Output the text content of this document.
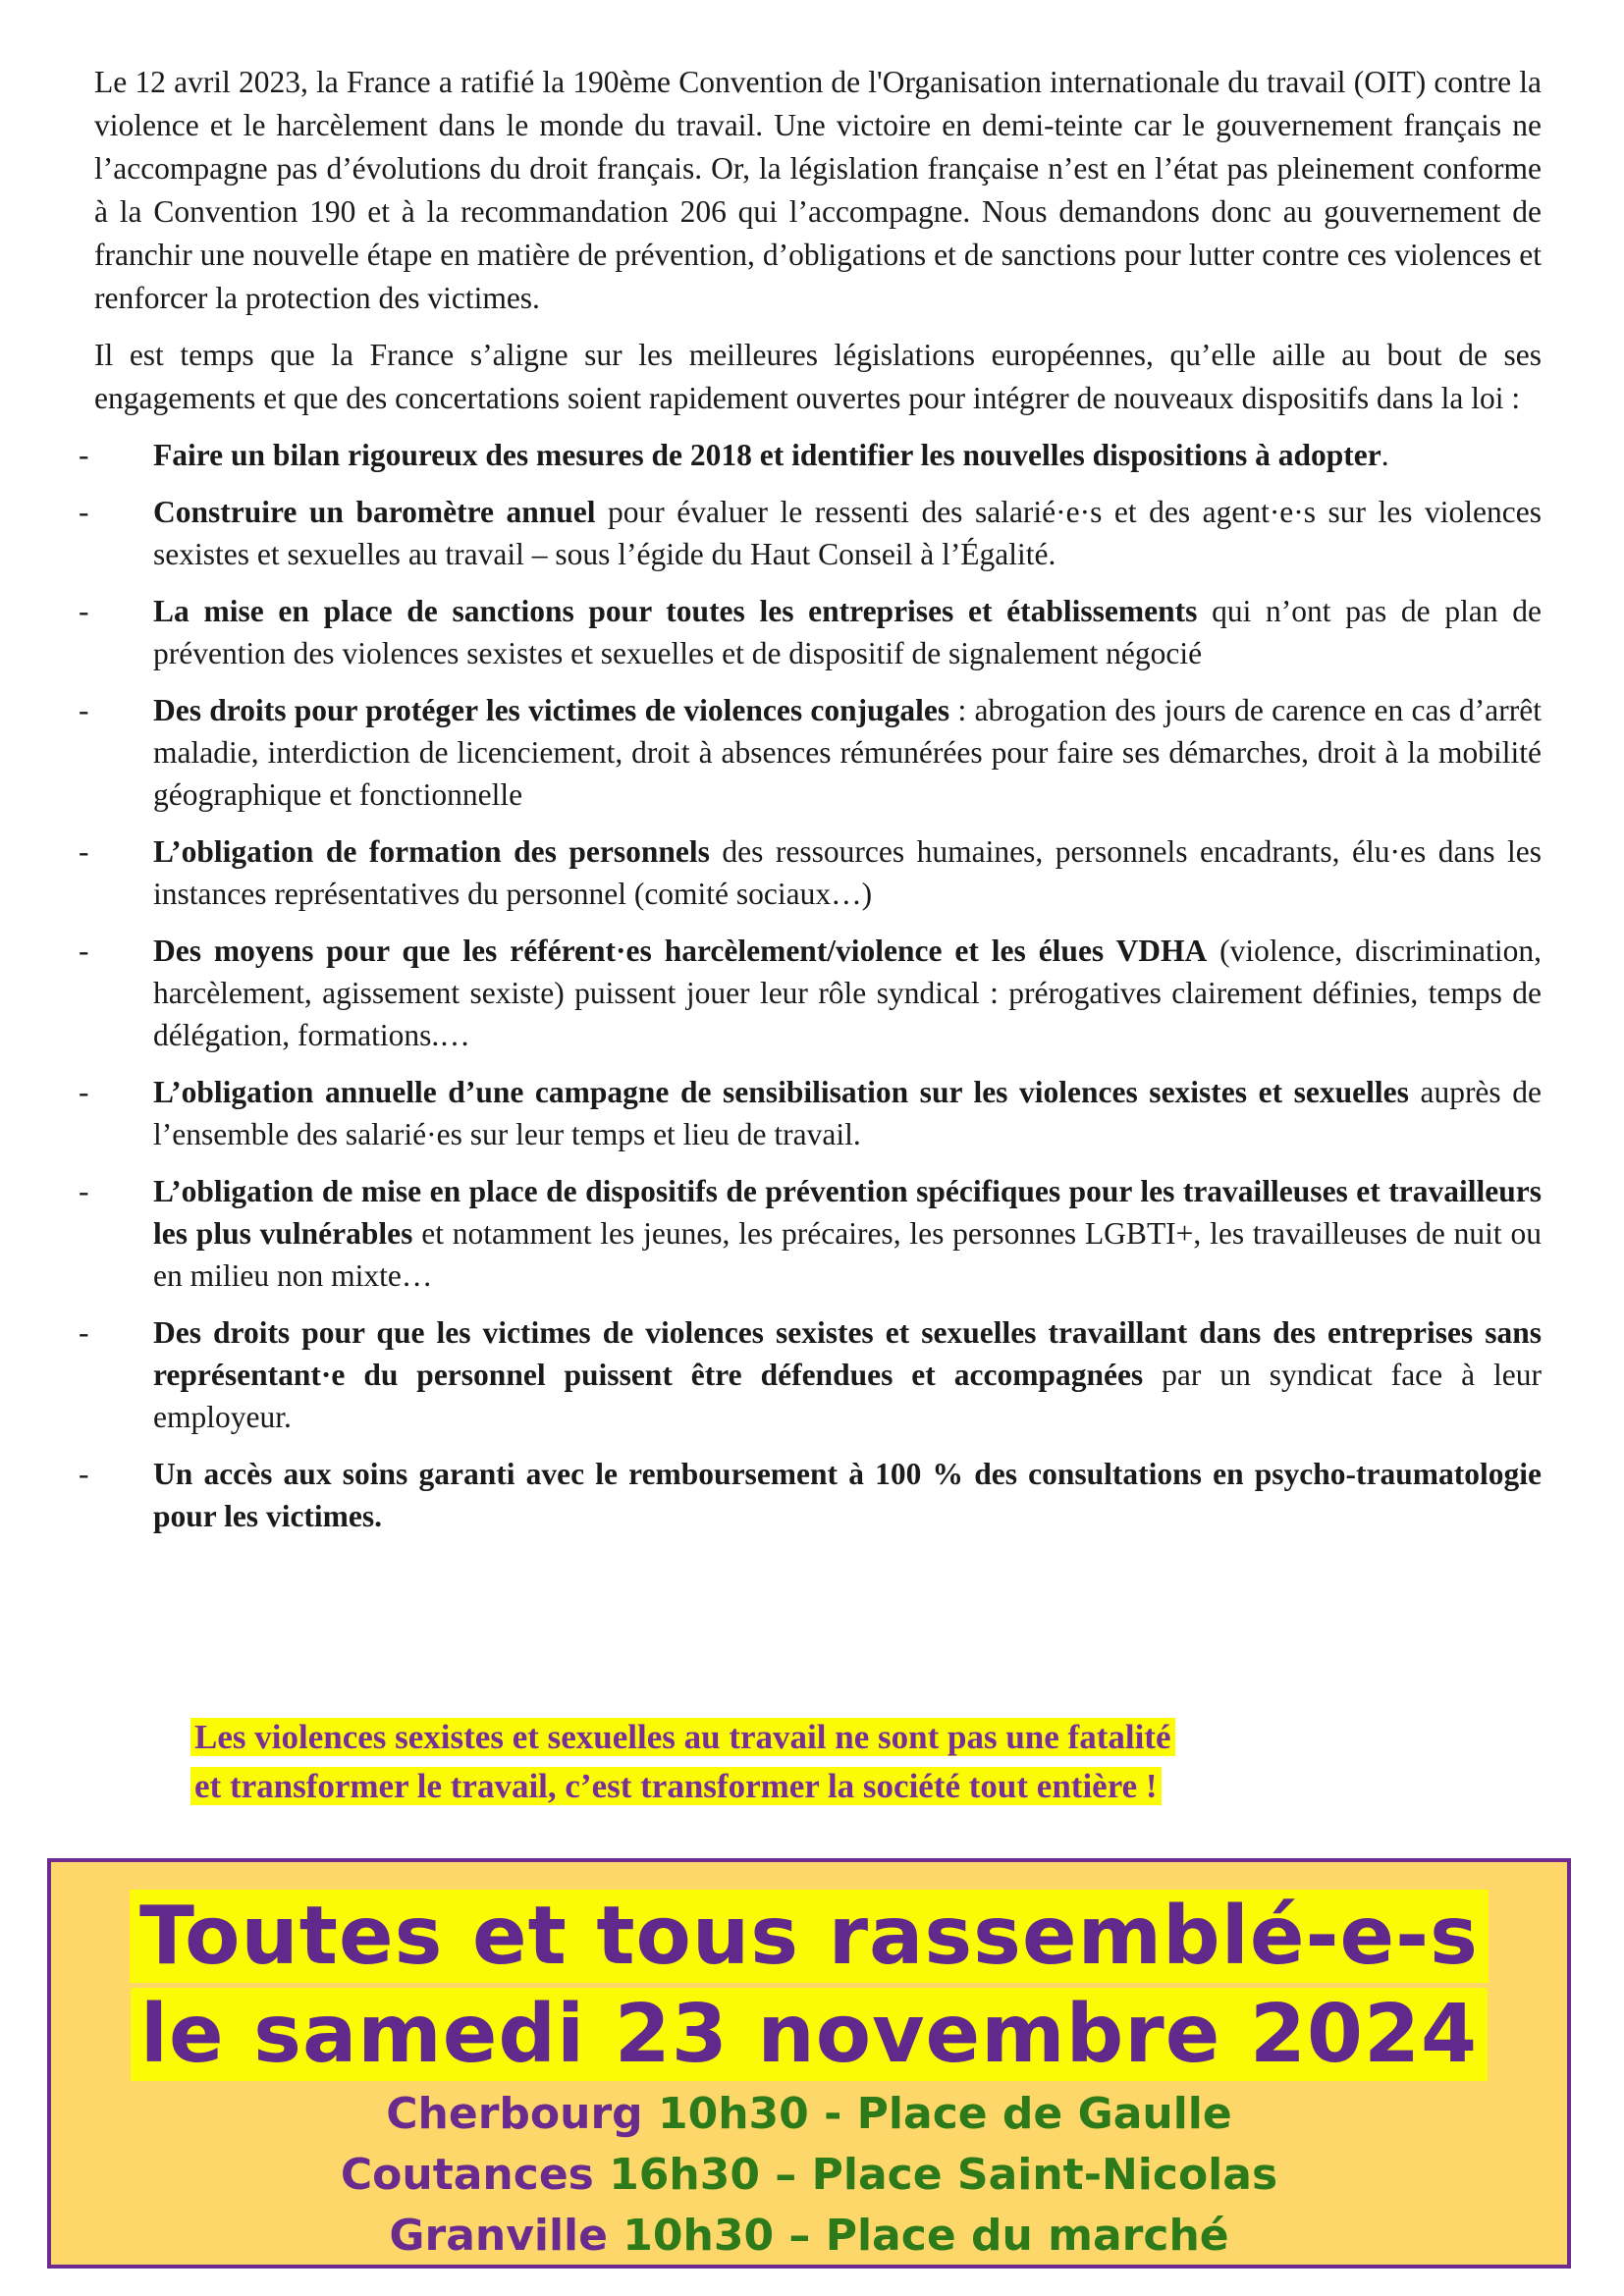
Le 12 avril 2023, la France a ratifié la 190ème Convention de l'Organisation internationale du travail (OIT) contre la violence et le harcèlement dans le monde du travail. Une victoire en demi-teinte car le gouvernement français ne l’accompagne pas d’évolutions du droit français. Or, la législation française n’est en l’état pas pleinement conforme à la Convention 190 et à la recommandation 206 qui l’accompagne. Nous demandons donc au gouvernement de franchir une nouvelle étape en matière de prévention, d’obligations et de sanctions pour lutter contre ces violences et renforcer la protection des victimes.

Il est temps que la France s’aligne sur les meilleures législations européennes, qu’elle aille au bout de ses engagements et que des concertations soient rapidement ouvertes pour intégrer de nouveaux dispositifs dans la loi :

- Faire un bilan rigoureux des mesures de 2018 et identifier les nouvelles dispositions à adopter.
- Construire un baromètre annuel pour évaluer le ressenti des salarié·e·s et des agent·e·s sur les violences sexistes et sexuelles au travail – sous l’égide du Haut Conseil à l’Égalité.
- La mise en place de sanctions pour toutes les entreprises et établissements qui n’ont pas de plan de prévention des violences sexistes et sexuelles et de dispositif de signalement négocié
- Des droits pour protéger les victimes de violences conjugales : abrogation des jours de carence en cas d’arrêt maladie, interdiction de licenciement, droit à absences rémunérées pour faire ses démarches, droit à la mobilité géographique et fonctionnelle
- L’obligation de formation des personnels des ressources humaines, personnels encadrants, élu·es dans les instances représentatives du personnel (comité sociaux…)
- Des moyens pour que les référent·es harcèlement/violence et les élues VDHA (violence, discrimination, harcèlement, agissement sexiste) puissent jouer leur rôle syndical : prérogatives clairement définies, temps de délégation, formations.…
- L’obligation annuelle d’une campagne de sensibilisation sur les violences sexistes et sexuelles auprès de l’ensemble des salarié·es sur leur temps et lieu de travail.
- L’obligation de mise en place de dispositifs de prévention spécifiques pour les travailleuses et travailleurs les plus vulnérables et notamment les jeunes, les précaires, les personnes LGBTI+, les travailleuses de nuit ou en milieu non mixte…
- Des droits pour que les victimes de violences sexistes et sexuelles travaillant dans des entreprises sans représentant·e du personnel puissent être défendues et accompagnées par un syndicat face à leur employeur.
- Un accès aux soins garanti avec le remboursement à 100 % des consultations en psycho-traumatologie pour les victimes.
Les violences sexistes et sexuelles au travail ne sont pas une fatalité
et transformer le travail, c’est transformer la société tout entière !
Toutes et tous rassemblé-e-s
le samedi 23 novembre 2024
Cherbourg 10h30 - Place de Gaulle
Coutances 16h30 – Place Saint-Nicolas
Granville 10h30 – Place du marché
